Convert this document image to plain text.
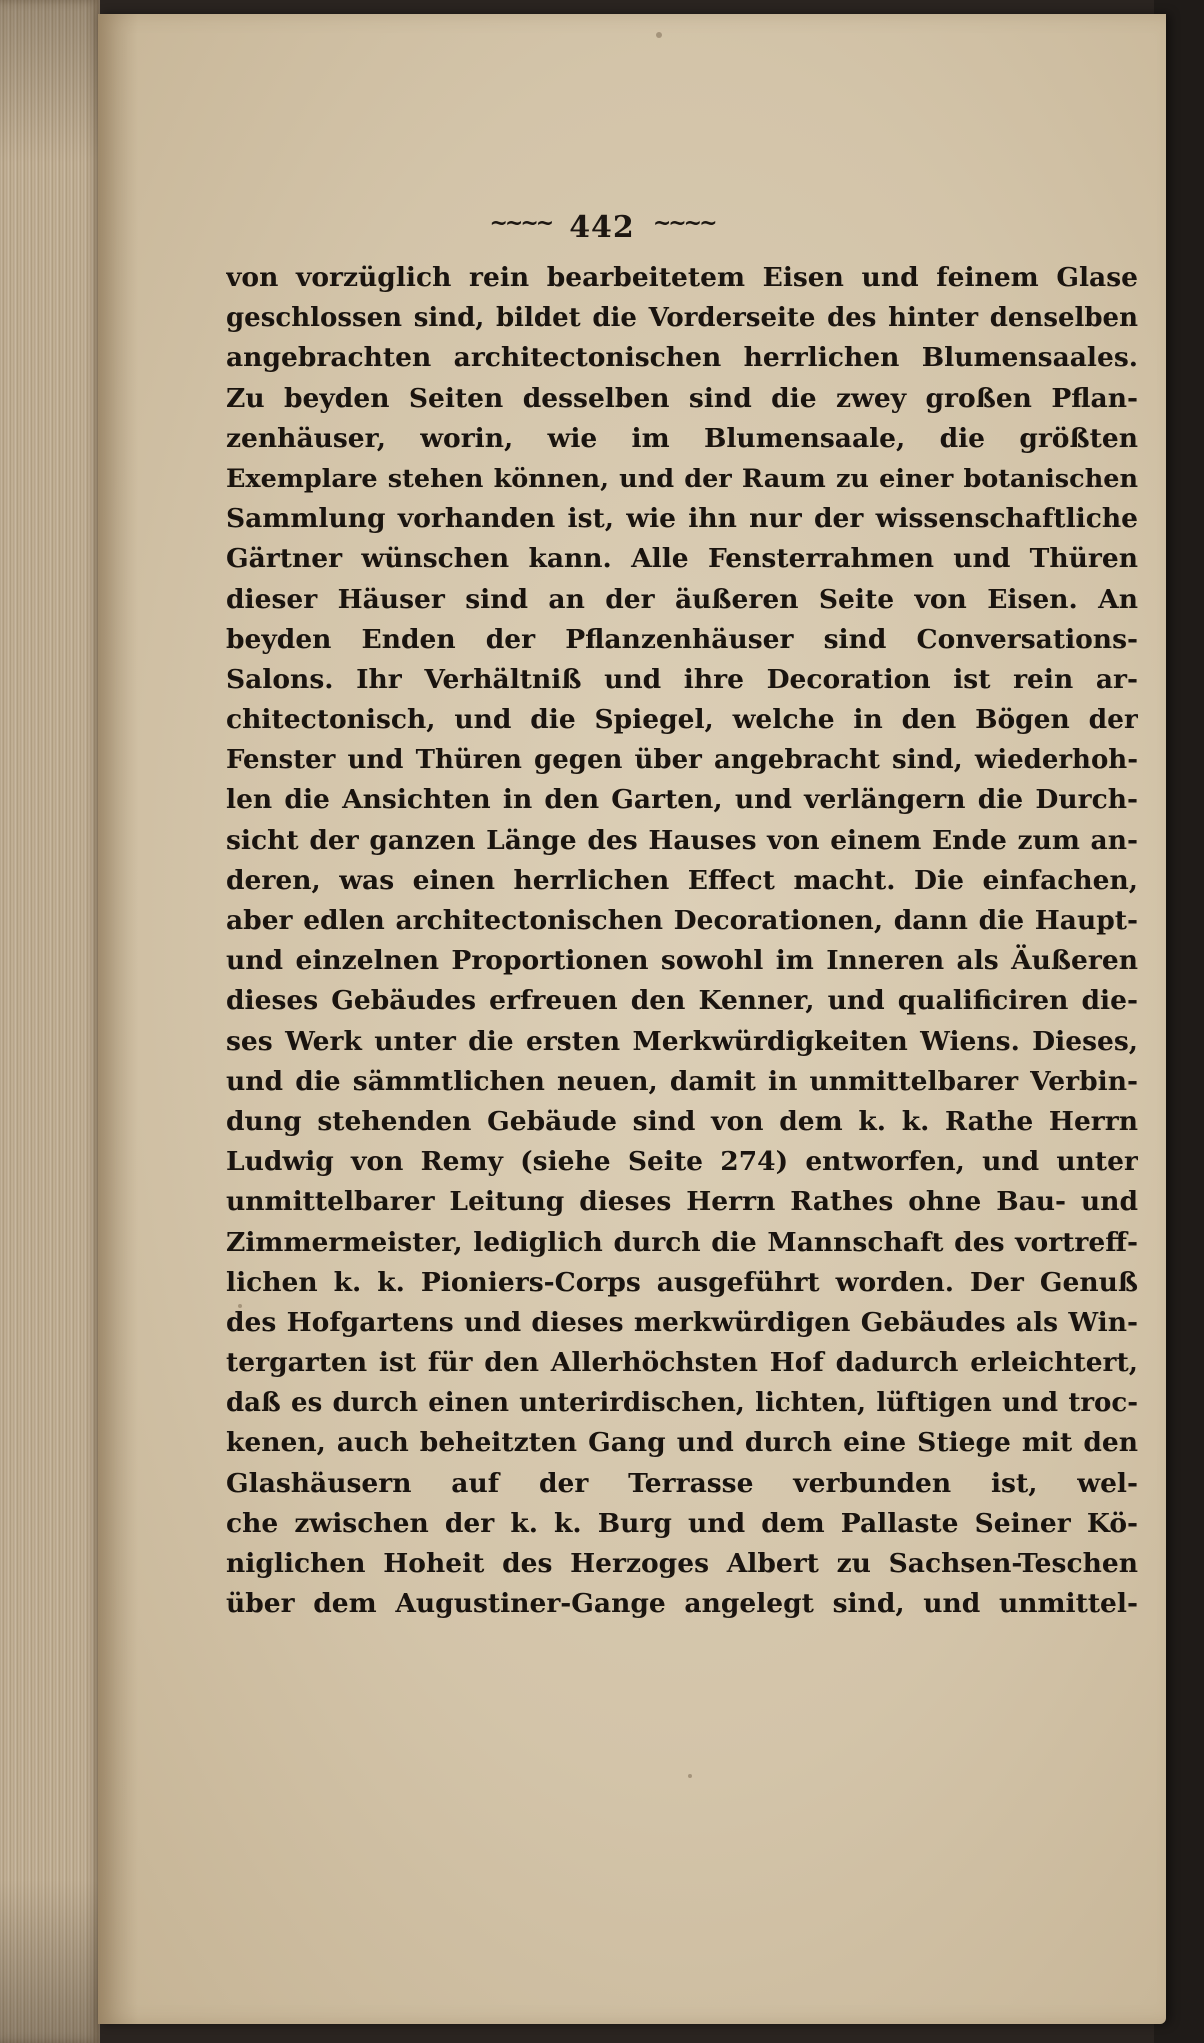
~~~~ 442 ~~~~
von vorzüglich rein bearbeitetem Eisen und feinem Glase
geschlossen sind, bildet die Vorderseite des hinter denselben
angebrachten architectonischen herrlichen Blumensaales.
Zu beyden Seiten desselben sind die zwey großen Pflan-
zenhäuser, worin, wie im Blumensaale, die größten
Exemplare stehen können, und der Raum zu einer botanischen
Sammlung vorhanden ist, wie ihn nur der wissenschaftliche
Gärtner wünschen kann. Alle Fensterrahmen und Thüren
dieser Häuser sind an der äußeren Seite von Eisen. An
beyden Enden der Pflanzenhäuser sind Conversations-
Salons. Ihr Verhältniß und ihre Decoration ist rein ar-
chitectonisch, und die Spiegel, welche in den Bögen der
Fenster und Thüren gegen über angebracht sind, wiederhoh-
len die Ansichten in den Garten, und verlängern die Durch-
sicht der ganzen Länge des Hauses von einem Ende zum an-
deren, was einen herrlichen Effect macht. Die einfachen,
aber edlen architectonischen Decorationen, dann die Haupt-
und einzelnen Proportionen sowohl im Inneren als Äußeren
dieses Gebäudes erfreuen den Kenner, und qualificiren die-
ses Werk unter die ersten Merkwürdigkeiten Wiens. Dieses,
und die sämmtlichen neuen, damit in unmittelbarer Verbin-
dung stehenden Gebäude sind von dem k. k. Rathe Herrn
Ludwig von Remy (siehe Seite 274) entworfen, und unter
unmittelbarer Leitung dieses Herrn Rathes ohne Bau- und
Zimmermeister, lediglich durch die Mannschaft des vortreff-
lichen k. k. Pioniers-Corps ausgeführt worden. Der Genuß
des Hofgartens und dieses merkwürdigen Gebäudes als Win-
tergarten ist für den Allerhöchsten Hof dadurch erleichtert,
daß es durch einen unterirdischen, lichten, lüftigen und troc-
kenen, auch beheitzten Gang und durch eine Stiege mit den
Glashäusern auf der Terrasse verbunden ist, wel-
che zwischen der k. k. Burg und dem Pallaste Seiner Kö-
niglichen Hoheit des Herzoges Albert zu Sachsen-Teschen
über dem Augustiner-Gange angelegt sind, und unmittel-
